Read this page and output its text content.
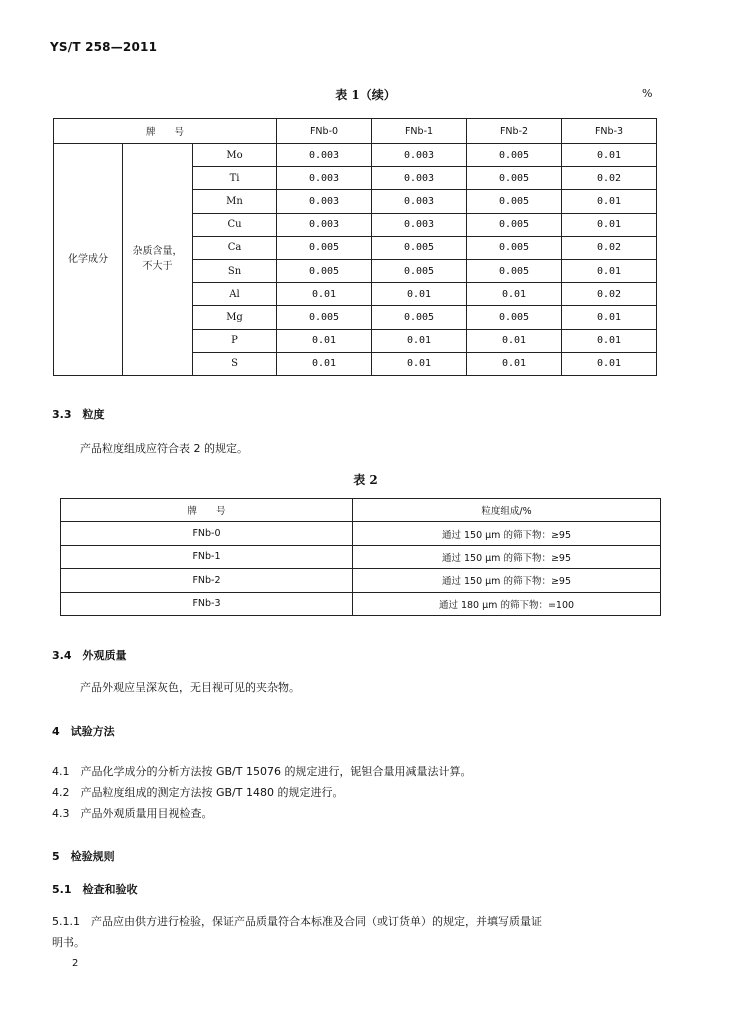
YS/T 258—2011
表 1（续）	%
牌　　号			FNb-0	FNb-1	FNb-2	FNb-3
化学成分	杂质含量，不大于	Mo	0.003	0.003	0.005	0.01
		Ti	0.003	0.003	0.005	0.02
		Mn	0.003	0.003	0.005	0.01
		Cu	0.003	0.003	0.005	0.01
		Ca	0.005	0.005	0.005	0.02
		Sn	0.005	0.005	0.005	0.01
		Al	0.01	0.01	0.01	0.02
		Mg	0.005	0.005	0.005	0.01
		P	0.01	0.01	0.01	0.01
		S	0.01	0.01	0.01	0.01
3.3　粒度
产品粒度组成应符合表 2 的规定。
表 2
牌　　号	粒度组成/%
FNb-0	通过 150 μm 的筛下物：≥95
FNb-1	通过 150 μm 的筛下物：≥95
FNb-2	通过 150 μm 的筛下物：≥95
FNb-3	通过 180 μm 的筛下物：=100
3.4　外观质量
产品外观应呈深灰色，无目视可见的夹杂物。
4　试验方法
4.1　产品化学成分的分析方法按 GB/T 15076 的规定进行，铌钽合量用减量法计算。
4.2　产品粒度组成的测定方法按 GB/T 1480 的规定进行。
4.3　产品外观质量用目视检查。
5　检验规则
5.1　检查和验收
5.1.1　产品应由供方进行检验，保证产品质量符合本标准及合同（或订货单）的规定，并填写质量证
明书。
2
